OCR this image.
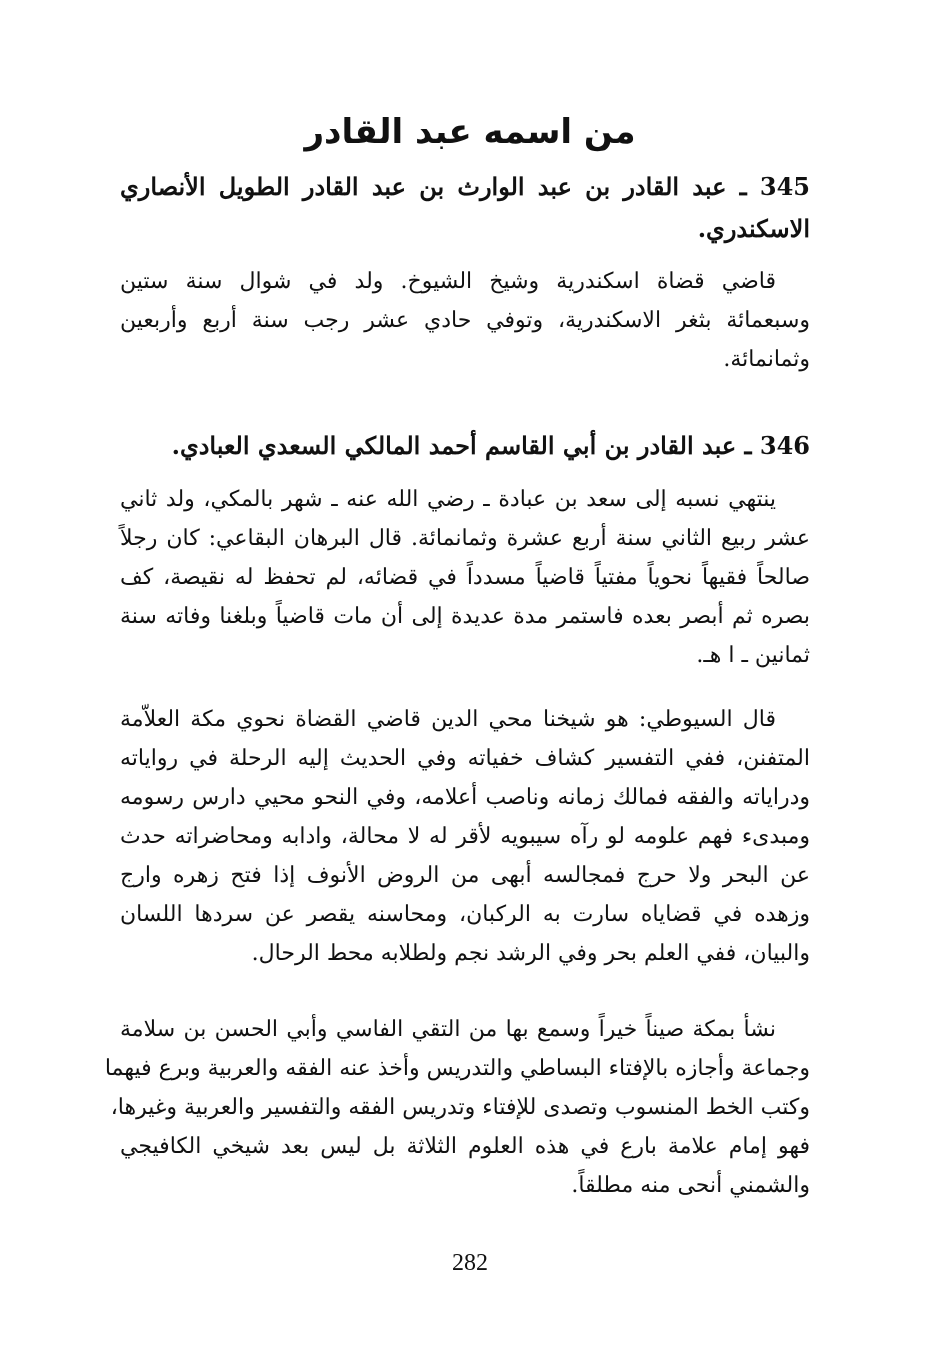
من اسمه عبد القادر
345 ـ عبد القادر بن عبد الوارث بن عبد القادر الطويل الأنصاري
الاسكندري.
قاضي قضاة اسكندرية وشيخ الشيوخ. ولد في شوال سنة ستين
وسبعمائة بثغر الاسكندرية، وتوفي حادي عشر رجب سنة أربع وأربعين
وثمانمائة.
346 ـ عبد القادر بن أبي القاسم أحمد المالكي السعدي العبادي.
ينتهي نسبه إلى سعد بن عبادة ـ رضي الله عنه ـ شهر بالمكي، ولد ثاني
عشر ربيع الثاني سنة أربع عشرة وثمانمائة. قال البرهان البقاعي: كان رجلاً
صالحاً فقيهاً نحوياً مفتياً قاضياً مسدداً في قضائه، لم تحفظ له نقيصة، كف
بصره ثم أبصر بعده فاستمر مدة عديدة إلى أن مات قاضياً وبلغنا وفاته سنة
ثمانين ـ ا هـ.
قال السيوطي: هو شيخنا محي الدين قاضي القضاة نحوي مكة العلاّمة
المتفنن، ففي التفسير كشاف خفياته وفي الحديث إليه الرحلة في رواياته
ودراياته والفقه فمالك زمانه وناصب أعلامه، وفي النحو محيي دارس رسومه
ومبدىء فهم علومه لو رآه سيبويه لأقر له لا محالة، وادابه ومحاضراته حدث
عن البحر ولا حرج فمجالسه أبهى من الروض الأنوف إذا فتح زهره وارج
وزهده في قضاياه سارت به الركبان، ومحاسنه يقصر عن سردها اللسان
والبيان، ففي العلم بحر وفي الرشد نجم ولطلابه محط الرحال.
نشأ بمكة صيناً خيراً وسمع بها من التقي الفاسي وأبي الحسن بن سلامة
وجماعة وأجازه بالإفتاء البساطي والتدريس وأخذ عنه الفقه والعربية وبرع فيهما
وكتب الخط المنسوب وتصدى للإفتاء وتدريس الفقه والتفسير والعربية وغيرها،
فهو إمام علامة بارع في هذه العلوم الثلاثة بل ليس بعد شيخي الكافيجي
والشمني أنحى منه مطلقاً.
282
